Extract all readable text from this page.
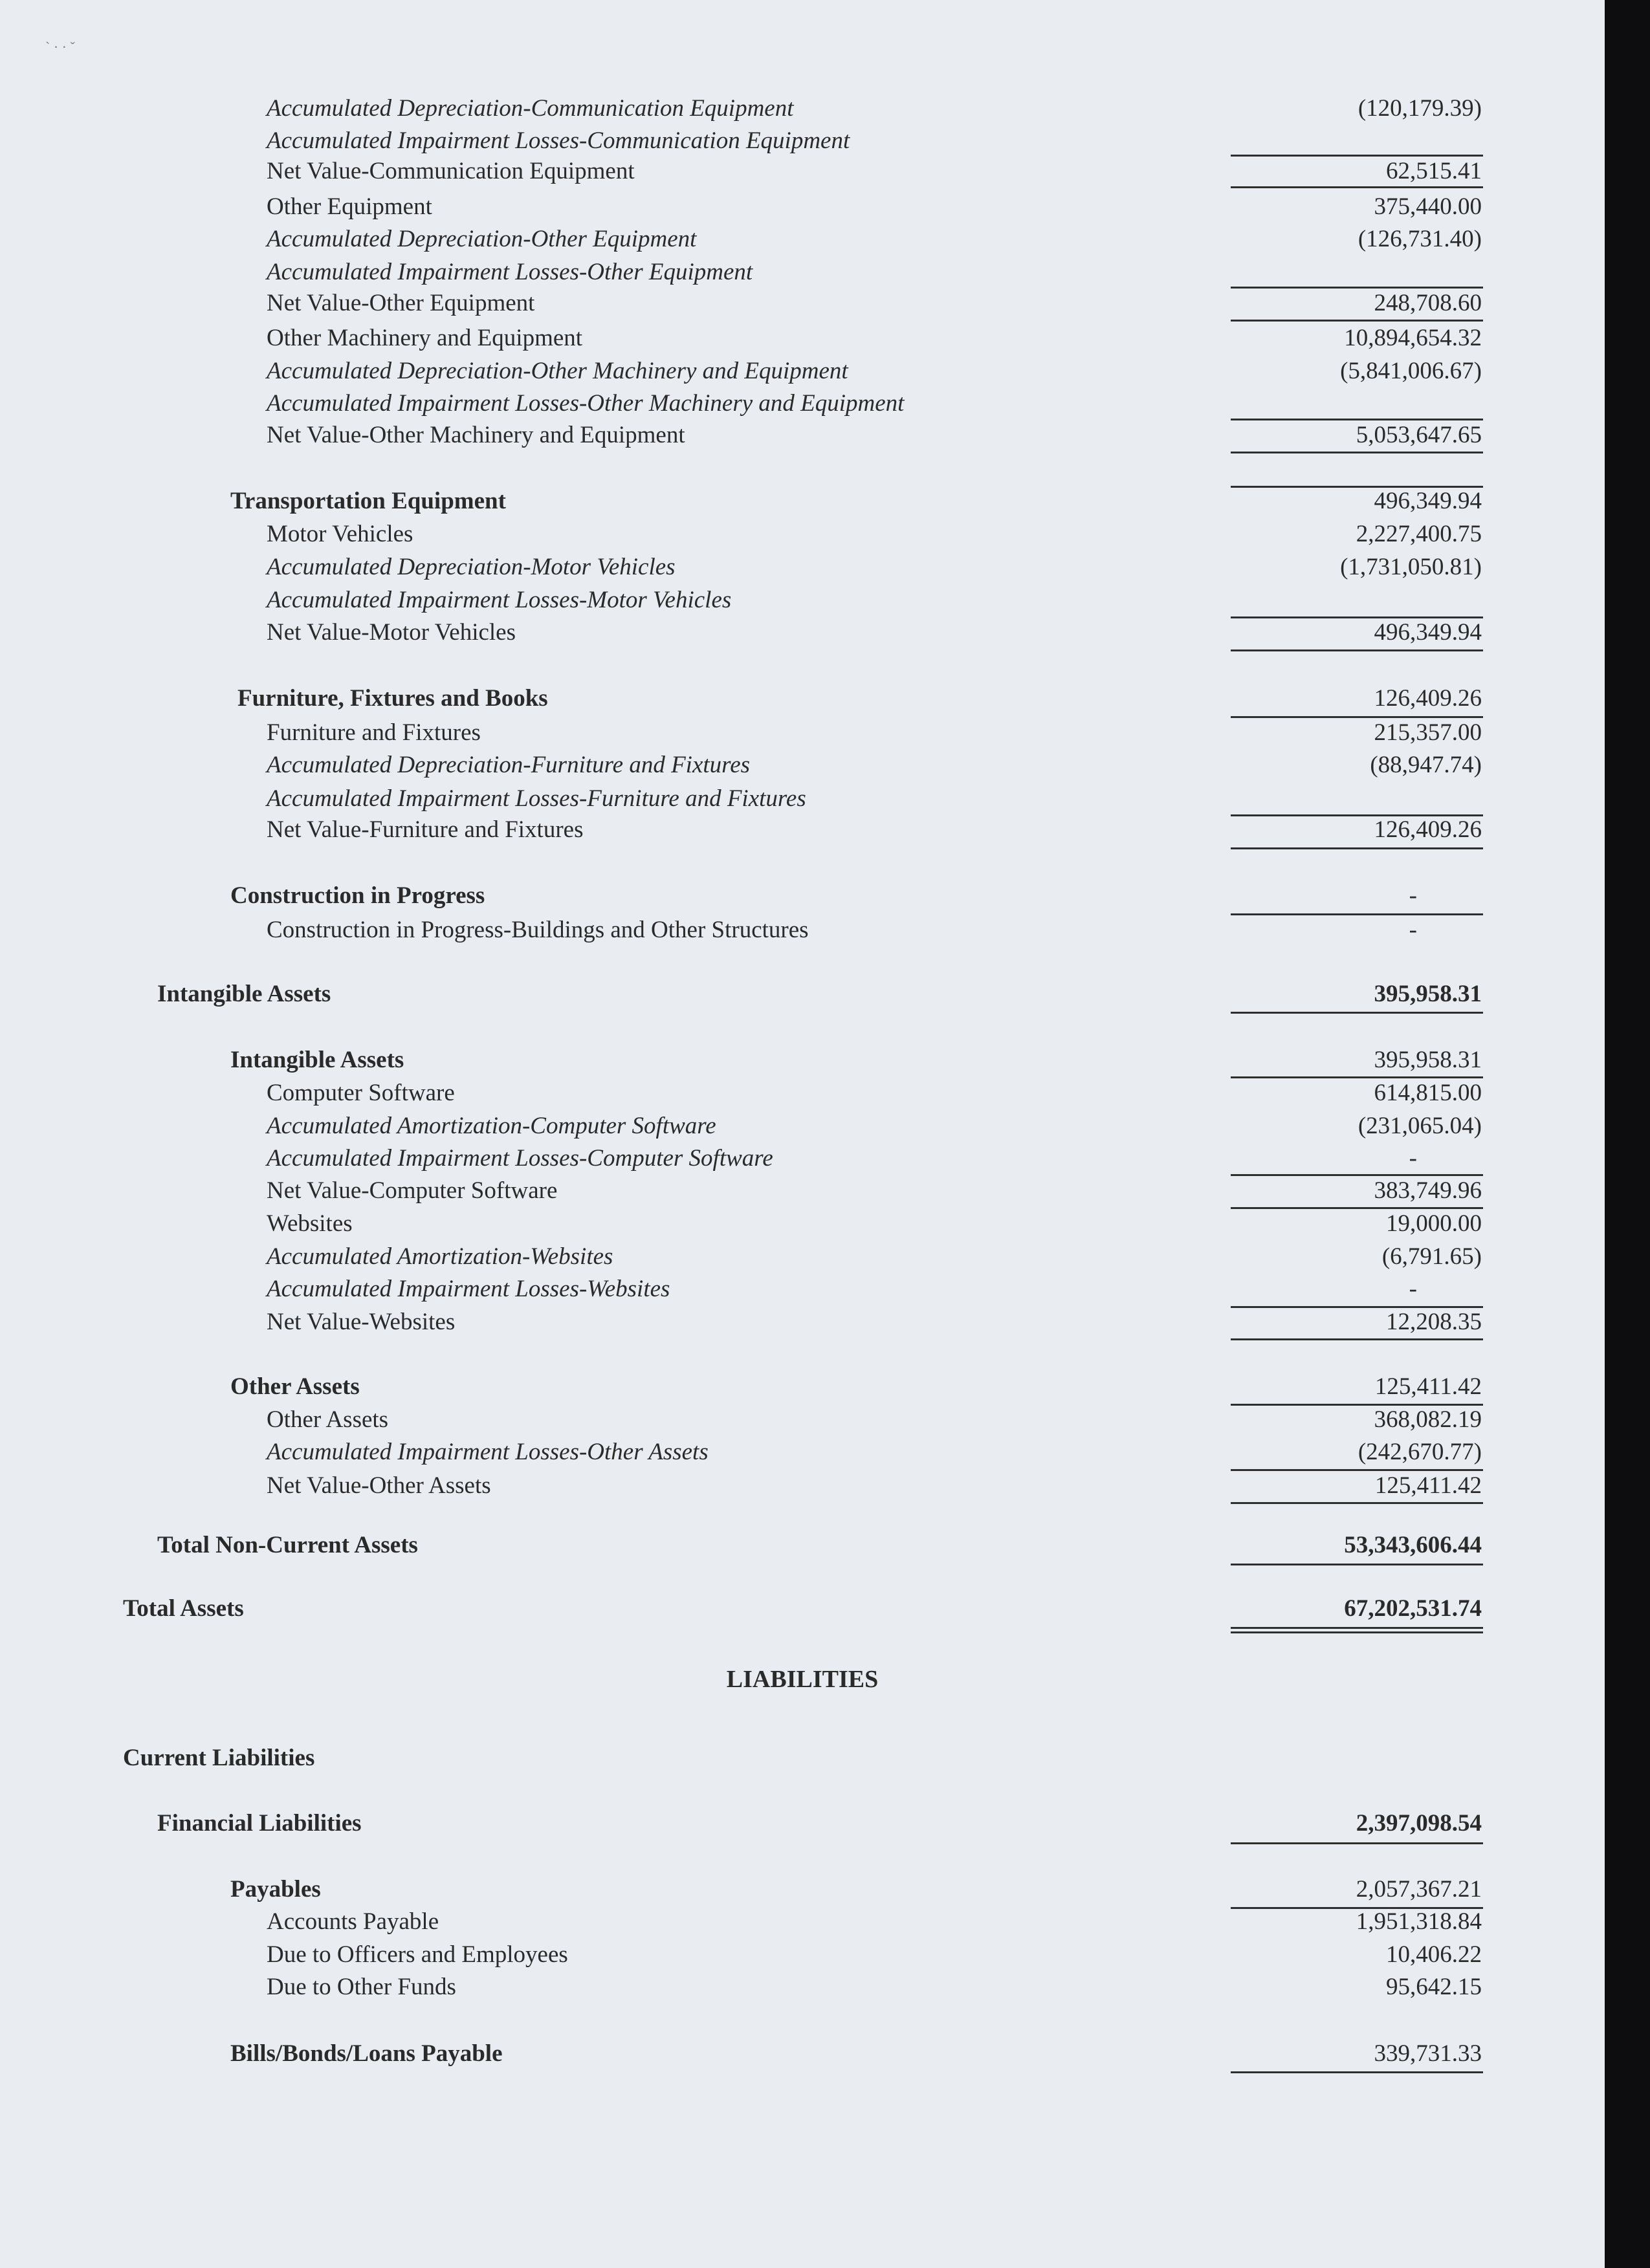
` · · ˇ
Accumulated Depreciation-Communication Equipment	(120,179.39)
Accumulated Impairment Losses-Communication Equipment
Net Value-Communication Equipment	62,515.41
Other Equipment	375,440.00
Accumulated Depreciation-Other Equipment	(126,731.40)
Accumulated Impairment Losses-Other Equipment
Net Value-Other Equipment	248,708.60
Other Machinery and Equipment	10,894,654.32
Accumulated Depreciation-Other Machinery and Equipment	(5,841,006.67)
Accumulated Impairment Losses-Other Machinery and Equipment
Net Value-Other Machinery and Equipment	5,053,647.65
Transportation Equipment	496,349.94
Motor Vehicles	2,227,400.75
Accumulated Depreciation-Motor Vehicles	(1,731,050.81)
Accumulated Impairment Losses-Motor Vehicles
Net Value-Motor Vehicles	496,349.94
Furniture, Fixtures and Books	126,409.26
Furniture and Fixtures	215,357.00
Accumulated Depreciation-Furniture and Fixtures	(88,947.74)
Accumulated Impairment Losses-Furniture and Fixtures
Net Value-Furniture and Fixtures	126,409.26
Construction in Progress	-
Construction in Progress-Buildings and Other Structures	-
Intangible Assets	395,958.31
Intangible Assets	395,958.31
Computer Software	614,815.00
Accumulated Amortization-Computer Software	(231,065.04)
Accumulated Impairment Losses-Computer Software	-
Net Value-Computer Software	383,749.96
Websites	19,000.00
Accumulated Amortization-Websites	(6,791.65)
Accumulated Impairment Losses-Websites	-
Net Value-Websites	12,208.35
Other Assets	125,411.42
Other Assets	368,082.19
Accumulated Impairment Losses-Other Assets	(242,670.77)
Net Value-Other Assets	125,411.42
Total Non-Current Assets	53,343,606.44
Total Assets	67,202,531.74
LIABILITIES
Current Liabilities
Financial Liabilities	2,397,098.54
Payables	2,057,367.21
Accounts Payable	1,951,318.84
Due to Officers and Employees	10,406.22
Due to Other Funds	95,642.15
Bills/Bonds/Loans Payable	339,731.33
